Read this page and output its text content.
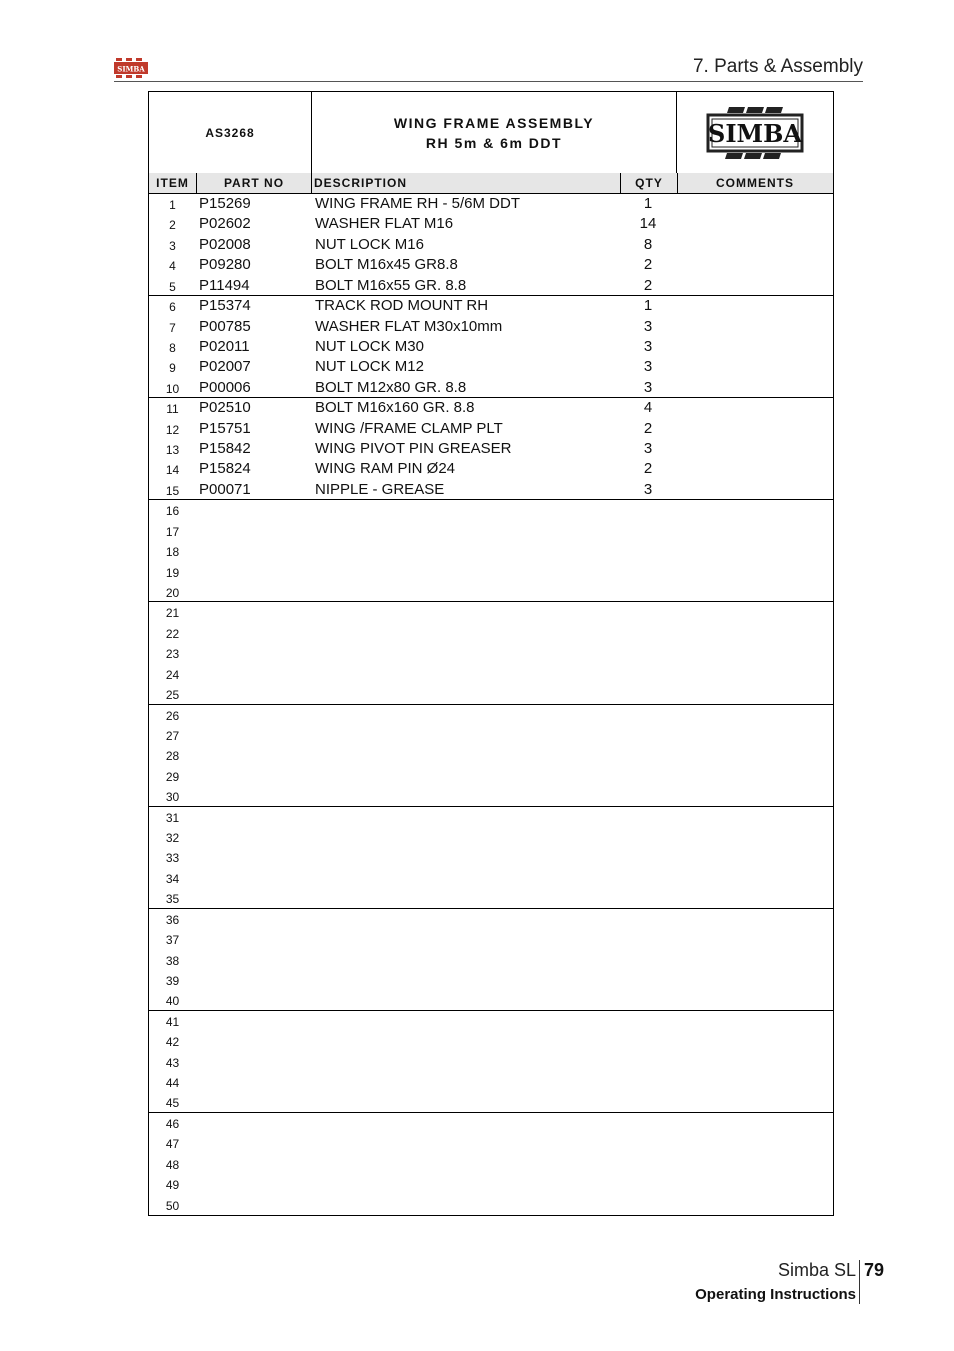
SIMBA	7. Parts & Assembly
AS3268
WING FRAME ASSEMBLY
RH 5m & 6m DDT	SIMBA
ITEM	PART NO	DESCRIPTION	QTY	COMMENTS
1	P15269	WING FRAME RH - 5/6M DDT	1
2	P02602	WASHER FLAT M16	14
3	P02008	NUT LOCK M16	8
4	P09280	BOLT M16x45 GR8.8	2
5	P11494	BOLT M16x55 GR. 8.8	2
6	P15374	TRACK ROD MOUNT RH	1
7	P00785	WASHER FLAT M30x10mm	3
8	P02011	NUT LOCK M30	3
9	P02007	NUT LOCK M12	3
10	P00006	BOLT M12x80 GR. 8.8	3
11	P02510	BOLT M16x160 GR. 8.8	4
12	P15751	WING /FRAME CLAMP PLT	2
13	P15842	WING PIVOT PIN GREASER	3
14	P15824	WING RAM PIN Ø24	2
15	P00071	NIPPLE - GREASE	3
16
17
18
19
20
21
22
23
24
25
26
27
28
29
30
31
32
33
34
35
36
37
38
39
40
41
42
43
44
45
46
47
48
49
50
Simba SL 79
Operating Instructions
